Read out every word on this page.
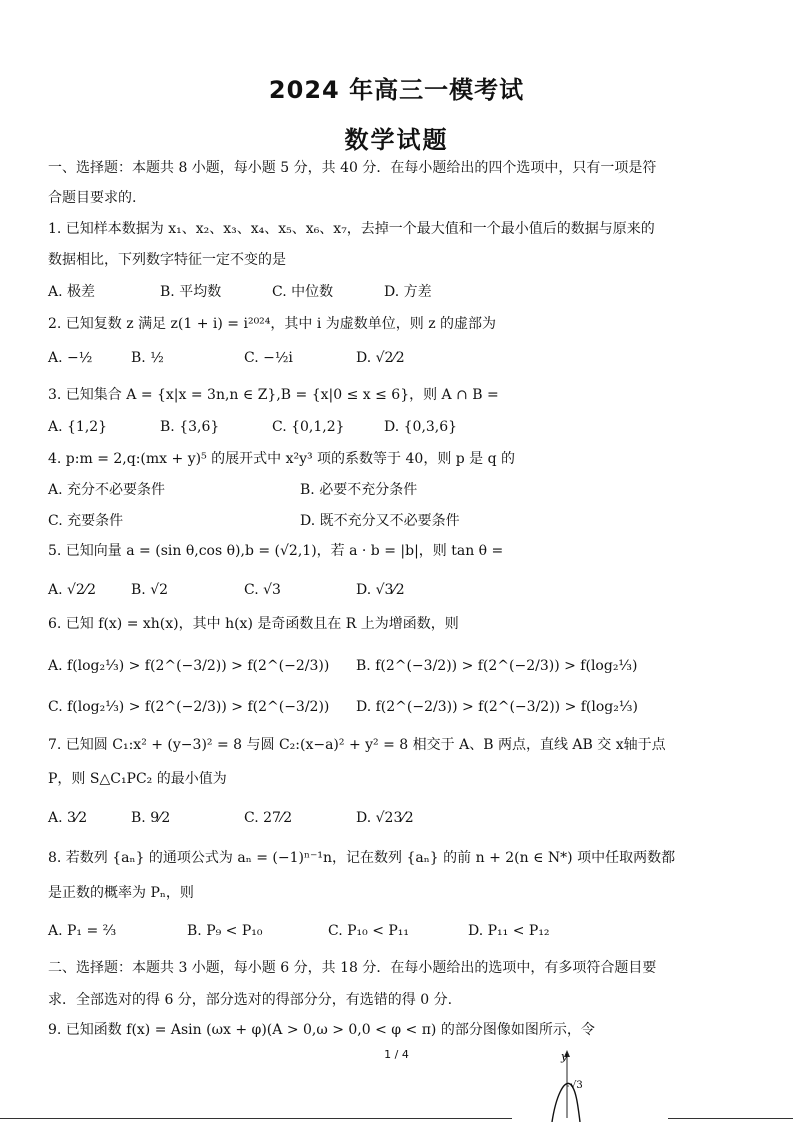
2024 年高三一模考试
数学试题
一、选择题：本题共 8 小题，每小题 5 分，共 40 分．在每小题给出的四个选项中，只有一项是符
合题目要求的.
1. 已知样本数据为 x₁、x₂、x₃、x₄、x₅、x₆、x₇，去掉一个最大值和一个最小值后的数据与原来的
数据相比，下列数字特征一定不变的是
A. 极差	B. 平均数	C. 中位数	D. 方差
2. 已知复数 z 满足 z(1 + i) = i²⁰²⁴，其中 i 为虚数单位，则 z 的虚部为
A. −½	B. ½	C. −½i	D. √2⁄2
3. 已知集合 A = {x|x = 3n,n ∈ Z},B = {x|0 ≤ x ≤ 6}，则 A ∩ B =
A. {1,2}	B. {3,6}	C. {0,1,2}	D. {0,3,6}
4. p:m = 2,q:(mx + y)⁵ 的展开式中 x²y³ 项的系数等于 40，则 p 是 q 的
A. 充分不必要条件	B. 必要不充分条件
C. 充要条件	D. 既不充分又不必要条件
5. 已知向量 a = (sin θ,cos θ),b = (√2,1)，若 a · b = |b|，则 tan θ =
A. √2⁄2 B. √2	C. √3	D. √3⁄2
6. 已知 f(x) = xh(x)，其中 h(x) 是奇函数且在 R 上为增函数，则
A. f(log₂⅓) > f(2^(−3/2)) > f(2^(−2/3)) B. f(2^(−3/2)) > f(2^(−2/3)) > f(log₂⅓)
C. f(log₂⅓) > f(2^(−2/3)) > f(2^(−3/2)) D. f(2^(−2/3)) > f(2^(−3/2)) > f(log₂⅓)
7. 已知圆 C₁:x² + (y−3)² = 8 与圆 C₂:(x−a)² + y² = 8 相交于 A、B 两点，直线 AB 交 x轴于点
P，则 S△C₁PC₂ 的最小值为
A. 3⁄2	B. 9⁄2	C. 27⁄2	D. √23⁄2
8. 若数列 {aₙ} 的通项公式为 aₙ = (−1)ⁿ⁻¹n，记在数列 {aₙ} 的前 n + 2(n ∈ N*) 项中任取两数都
是正数的概率为 Pₙ，则
A. P₁ = ⅔	B. P₉ < P₁₀	C. P₁₀ < P₁₁	D. P₁₁ < P₁₂
二、选择题：本题共 3 小题，每小题 6 分，共 18 分．在每小题给出的选项中，有多项符合题目要
求．全部选对的得 6 分，部分选对的得部分分，有选错的得 0 分.
9. 已知函数 f(x) = Asin (ωx + φ)(A > 0,ω > 0,0 < φ < π) 的部分图像如图所示，令
y
√3
1 / 4
